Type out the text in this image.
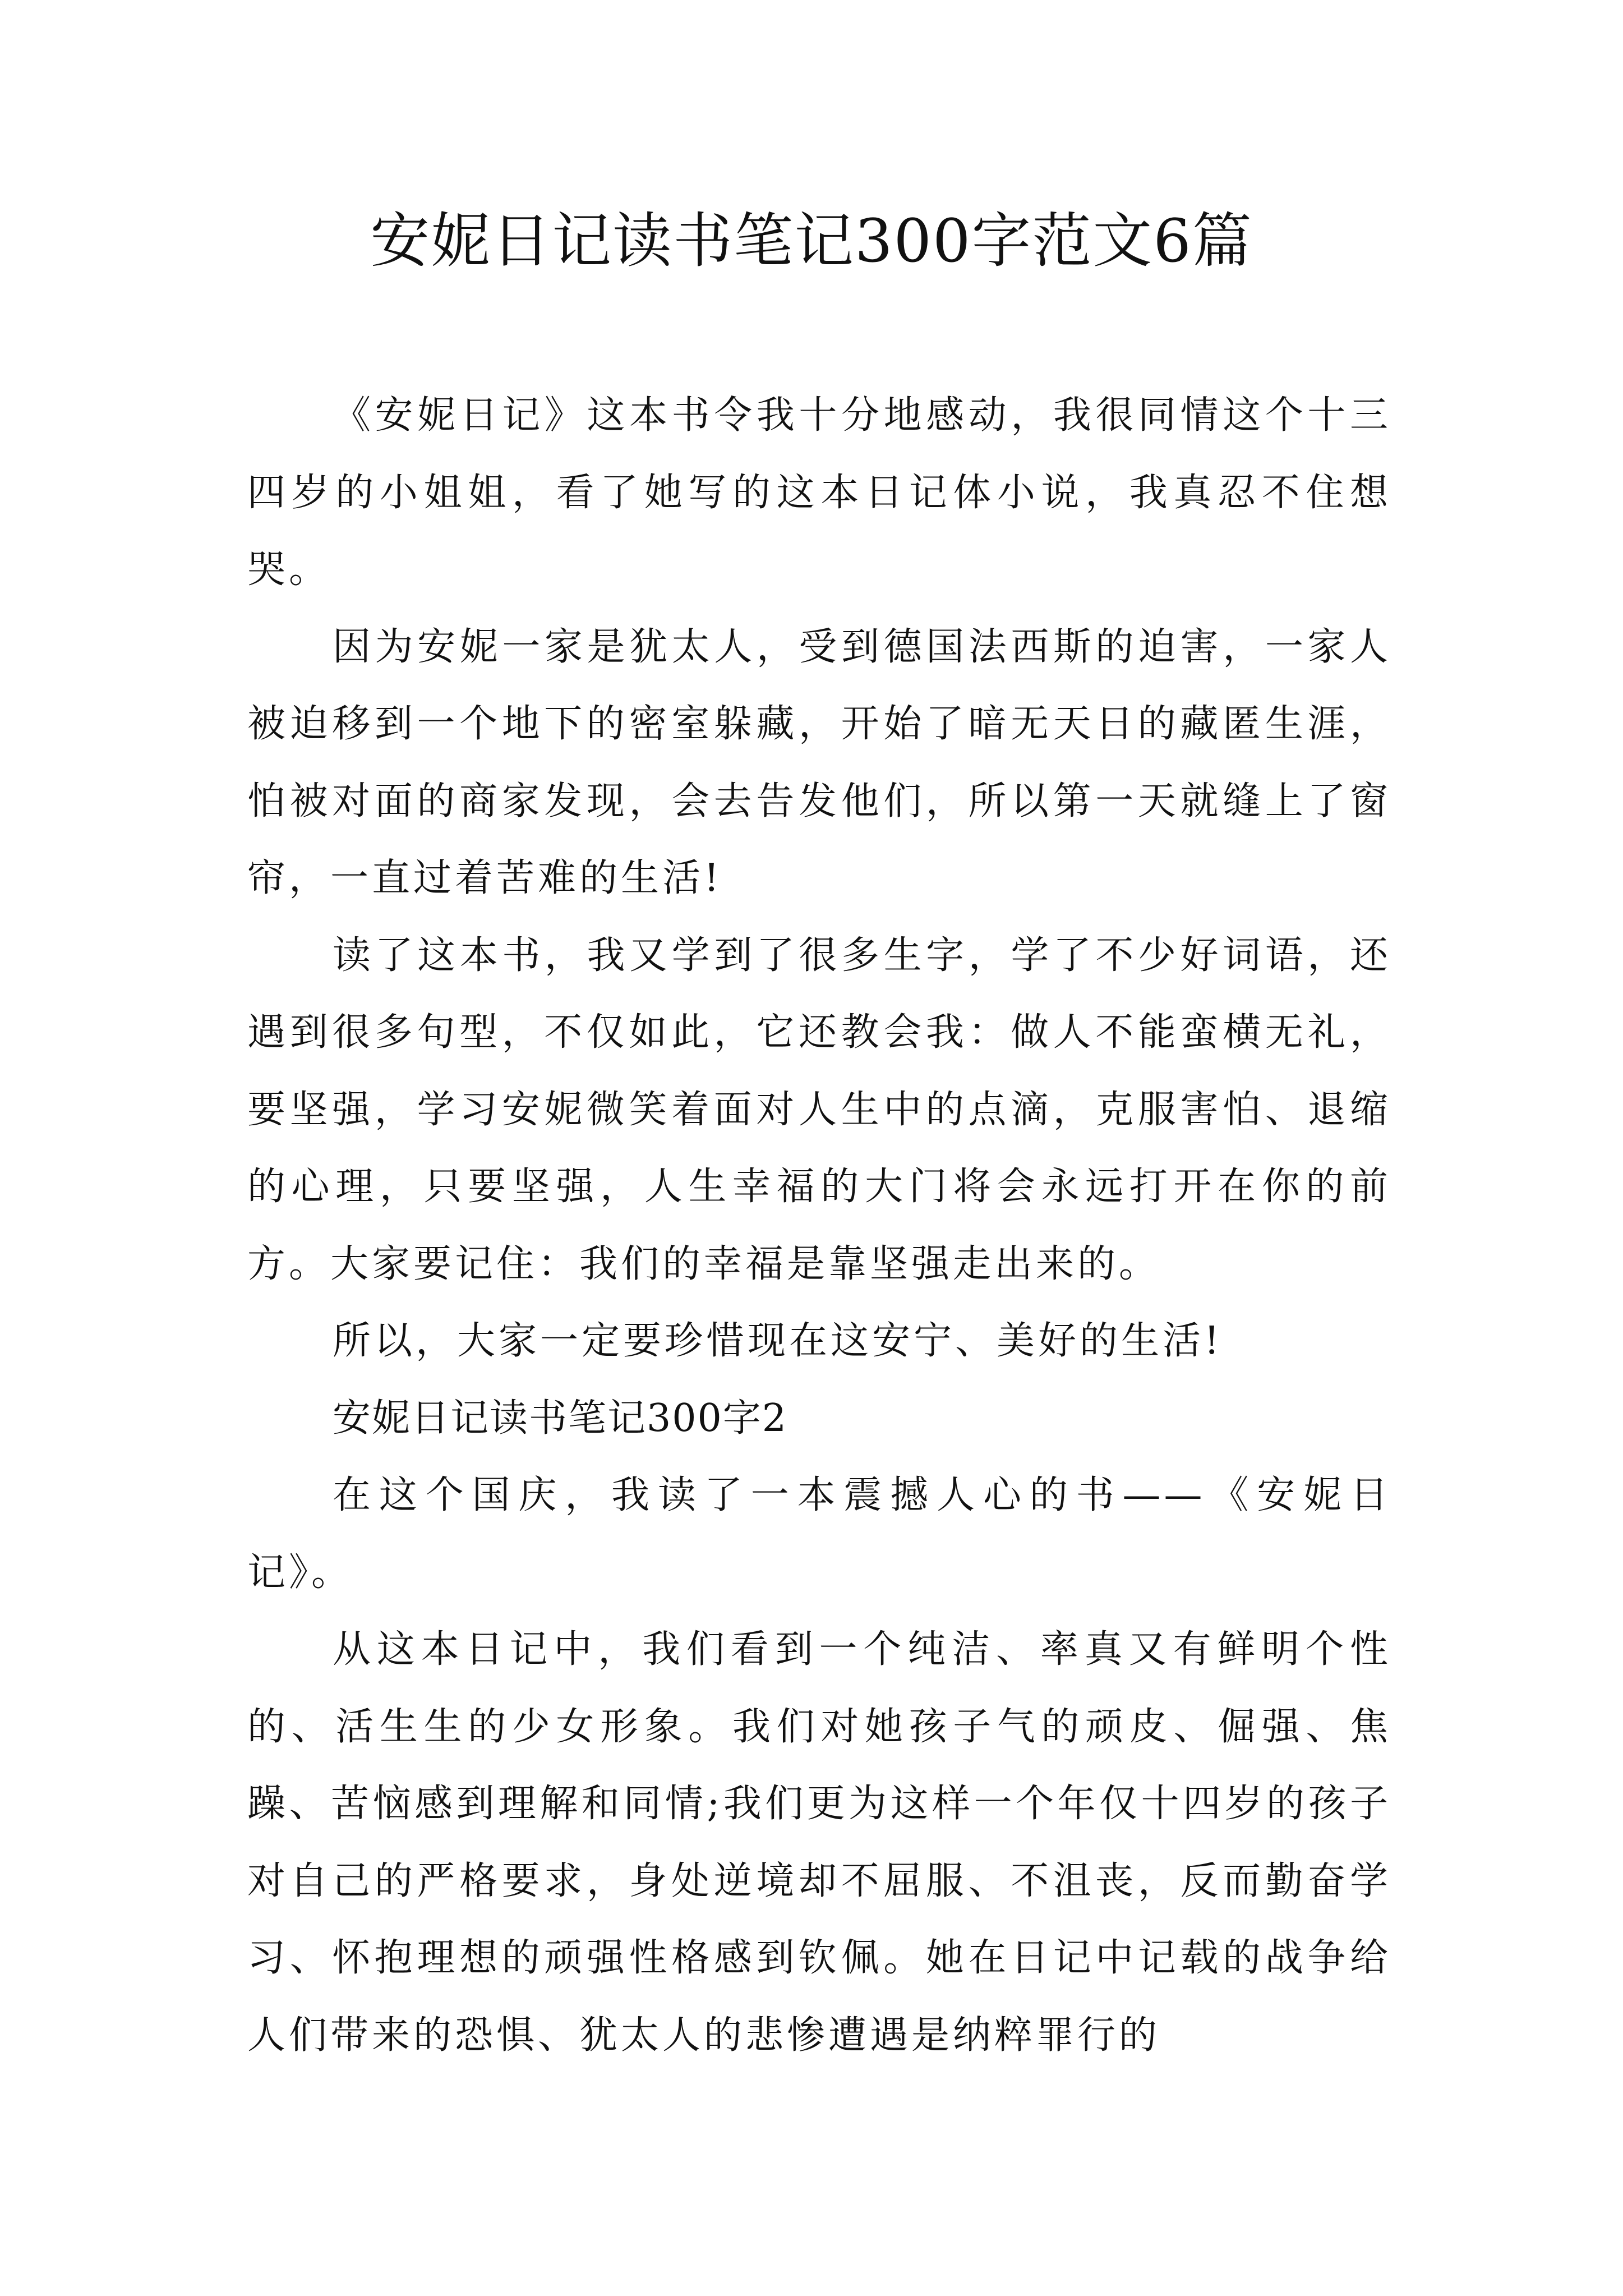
安妮日记读书笔记300字范文6篇

《安妮日记》这本书令我十分地感动，我很同情这个十三四岁的小姐姐，看了她写的这本日记体小说，我真忍不住想哭。

因为安妮一家是犹太人，受到德国法西斯的迫害，一家人被迫移到一个地下的密室躲藏，开始了暗无天日的藏匿生涯，怕被对面的商家发现，会去告发他们，所以第一天就缝上了窗帘，一直过着苦难的生活!

读了这本书，我又学到了很多生字，学了不少好词语，还遇到很多句型，不仅如此，它还教会我：做人不能蛮横无礼，要坚强，学习安妮微笑着面对人生中的点滴，克服害怕、退缩的心理，只要坚强，人生幸福的大门将会永远打开在你的前方。大家要记住：我们的幸福是靠坚强走出来的。

所以，大家一定要珍惜现在这安宁、美好的生活!

安妮日记读书笔记300字2

在这个国庆，我读了一本震撼人心的书——《安妮日记》。

从这本日记中，我们看到一个纯洁、率真又有鲜明个性的、活生生的少女形象。我们对她孩子气的顽皮、倔强、焦躁、苦恼感到理解和同情;我们更为这样一个年仅十四岁的孩子对自己的严格要求，身处逆境却不屈服、不沮丧，反而勤奋学习、怀抱理想的顽强性格感到钦佩。她在日记中记载的战争给人们带来的恐惧、犹太人的悲惨遭遇是纳粹罪行的
